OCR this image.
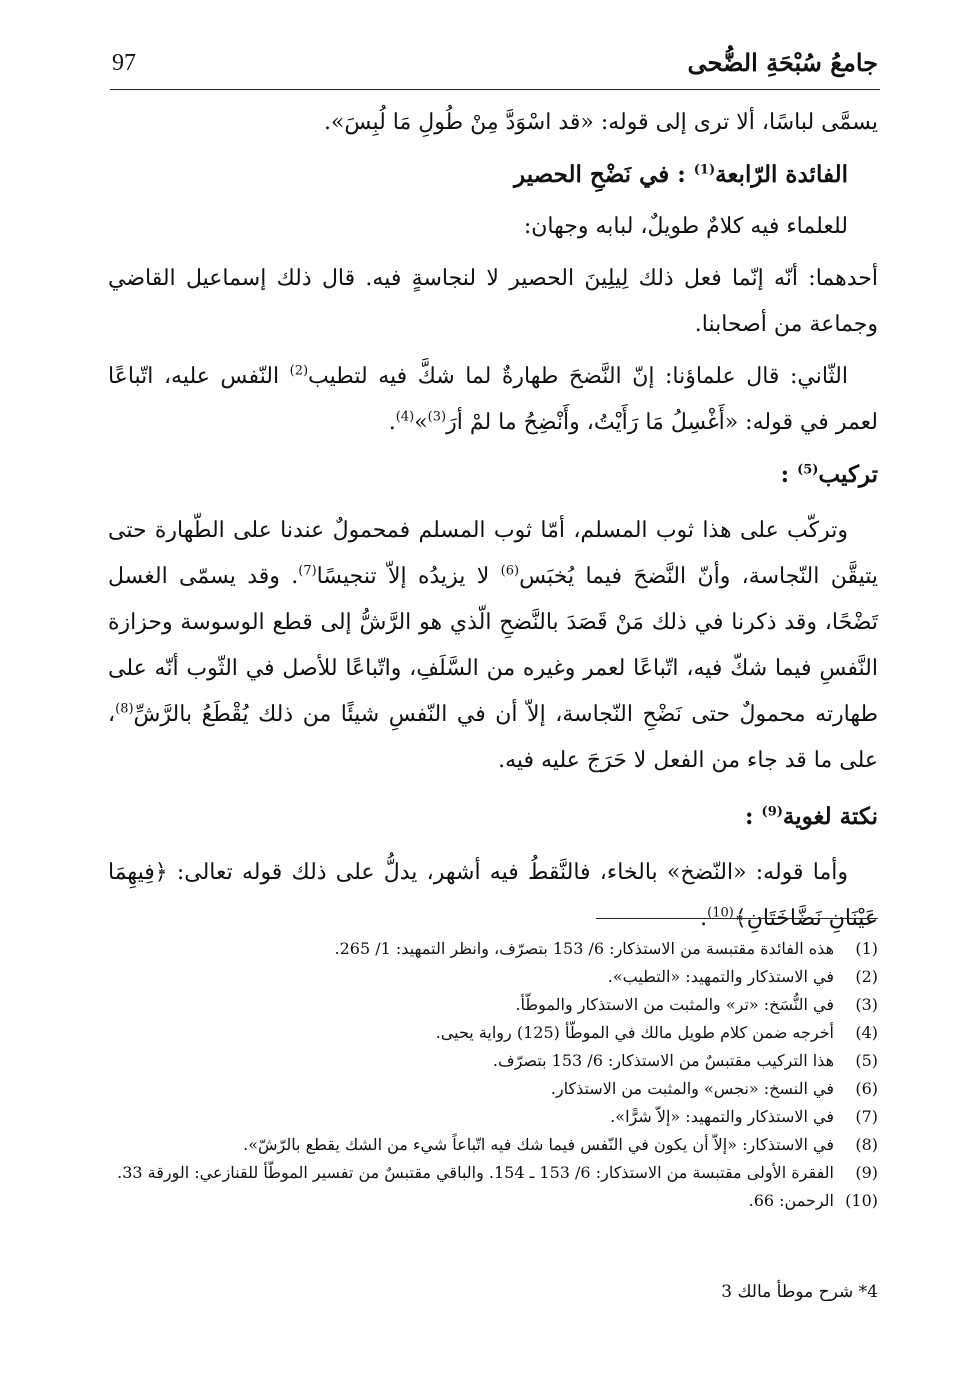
جامعُ سُبْحَةِ الضُّحى
97

يسمَّى لباسًا، ألا ترى إلى قوله: «قد اسْوَدَّ مِنْ طُولِ مَا لُبِسَ».

الفائدة الرّابعة$^{(1)}$ : في نَضْحِ الحصير

للعلماء فيه كلامٌ طويلٌ، لبابه وجهان:

أحدهما: أنّه إنّما فعل ذلك لِيلِينَ الحصير لا لنجاسةٍ فيه. قال ذلك إسماعيل القاضي وجماعة من أصحابنا.

الثّاني: قال علماؤنا: إنّ النَّضحَ طهارةٌ لما شكَّ فيه لتطيب$^{(2)}$ النّفس عليه، اتّباعًا لعمر في قوله: «أَغْسِلُ مَا رَأَيْتُ، وأَنْضِحُ ما لمْ أرَ$^{(3)}$»$^{(4)}$.

تركيب$^{(5)}$ :

وتركّب على هذا ثوب المسلم، أمّا ثوب المسلم فمحمولٌ عندنا على الطّهارة حتى يتيقَّن النّجاسة، وأنّ النَّضحَ فيما يُخبَس$^{(6)}$ لا يزيدُه إلاّ تنجيسًا$^{(7)}$. وقد يسمّى الغسل تَضْحًا، وقد ذكرنا في ذلك مَنْ قَصَدَ بالنَّضحِ الّذي هو الرَّشُّ إلى قطع الوسوسة وحزازة النَّفسِ فيما شكّ فيه، اتّباعًا لعمر وغيره من السَّلَفِ، واتّباعًا للأصل في الثّوب أنّه على طهارته محمولٌ حتى نَضْحِ النّجاسة، إلاّ أن في النّفسِ شيئًا من ذلك يُقْطَعُ بالرَّشِّ$^{(8)}$، على ما قد جاء من الفعل لا حَرَجَ عليه فيه.

نكتة لغوية$^{(9)}$ :

وأما قوله: «النّضخ» بالخاء، فالنَّقطُ فيه أشهر، يدلُّ على ذلك قوله تعالى: ﴿فِيهِمَا عَيْنَانِ نَضَّاخَتَانِ﴾$^{(10)}$.

(1)
هذه الفائدة مقتبسة من الاستذكار: 6/ 153 بتصرّف، وانظر التمهيد: 1/ 265.
(2)
في الاستذكار والتمهيد: «التطيب».
(3)
في النُّسَخ: «تر» والمثبت من الاستذكار والموطّأ.
(4)
أخرجه ضمن كلام طويل مالك في الموطّأ (125) رواية يحيى.
(5)
هذا التركيب مقتبسٌ من الاستذكار: 6/ 153 بتصرّف.
(6)
في النسخ: «نجس» والمثبت من الاستذكار.
(7)
في الاستذكار والتمهيد: «إلاّ شرًّا».
(8)
في الاستذكار: «إلاّ أن يكون في النّفس فيما شك فيه اتّباعاً شيء من الشك يقطع بالرّشّ».
(9)
الفقرة الأولى مقتبسة من الاستذكار: 6/ 153 ـ 154. والباقي مقتبسٌ من تفسير الموطّأ للقنازعي: الورقة 33.
(10)
الرحمن: 66.
4* شرح موطأ مالك 3
